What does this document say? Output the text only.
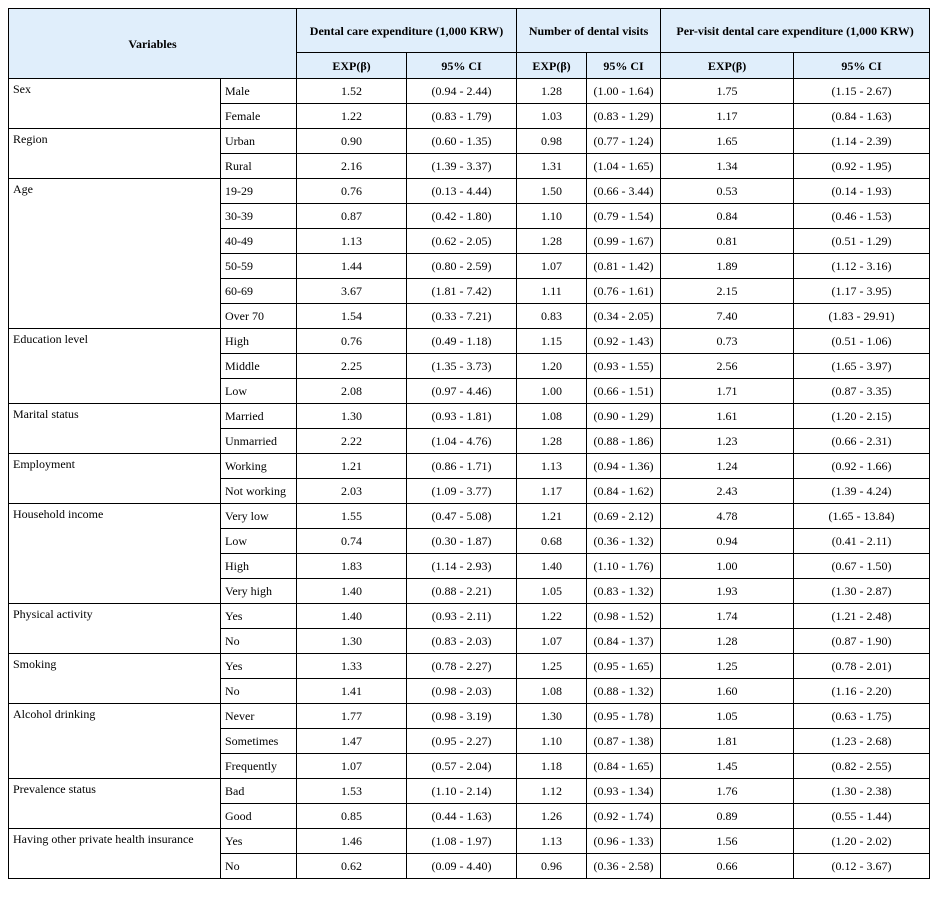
Variables		Dental care expenditure (1,000 KRW)		Number of dental visits		Per-visit dental care expenditure (1,000 KRW)	
		EXP(β)	95% CI	EXP(β)	95% CI	EXP(β)	95% CI
Sex	Male	1.52	(0.94 - 2.44)	1.28	(1.00 - 1.64)	1.75	(1.15 - 2.67)
	Female	1.22	(0.83 - 1.79)	1.03	(0.83 - 1.29)	1.17	(0.84 - 1.63)
Region	Urban	0.90	(0.60 - 1.35)	0.98	(0.77 - 1.24)	1.65	(1.14 - 2.39)
	Rural	2.16	(1.39 - 3.37)	1.31	(1.04 - 1.65)	1.34	(0.92 - 1.95)
Age	19-29	0.76	(0.13 - 4.44)	1.50	(0.66 - 3.44)	0.53	(0.14 - 1.93)
	30-39	0.87	(0.42 - 1.80)	1.10	(0.79 - 1.54)	0.84	(0.46 - 1.53)
	40-49	1.13	(0.62 - 2.05)	1.28	(0.99 - 1.67)	0.81	(0.51 - 1.29)
	50-59	1.44	(0.80 - 2.59)	1.07	(0.81 - 1.42)	1.89	(1.12 - 3.16)
	60-69	3.67	(1.81 - 7.42)	1.11	(0.76 - 1.61)	2.15	(1.17 - 3.95)
	Over 70	1.54	(0.33 - 7.21)	0.83	(0.34 - 2.05)	7.40	(1.83 - 29.91)
Education level	High	0.76	(0.49 - 1.18)	1.15	(0.92 - 1.43)	0.73	(0.51 - 1.06)
	Middle	2.25	(1.35 - 3.73)	1.20	(0.93 - 1.55)	2.56	(1.65 - 3.97)
	Low	2.08	(0.97 - 4.46)	1.00	(0.66 - 1.51)	1.71	(0.87 - 3.35)
Marital status	Married	1.30	(0.93 - 1.81)	1.08	(0.90 - 1.29)	1.61	(1.20 - 2.15)
	Unmarried	2.22	(1.04 - 4.76)	1.28	(0.88 - 1.86)	1.23	(0.66 - 2.31)
Employment	Working	1.21	(0.86 - 1.71)	1.13	(0.94 - 1.36)	1.24	(0.92 - 1.66)
	Not working	2.03	(1.09 - 3.77)	1.17	(0.84 - 1.62)	2.43	(1.39 - 4.24)
Household income	Very low	1.55	(0.47 - 5.08)	1.21	(0.69 - 2.12)	4.78	(1.65 - 13.84)
	Low	0.74	(0.30 - 1.87)	0.68	(0.36 - 1.32)	0.94	(0.41 - 2.11)
	High	1.83	(1.14 - 2.93)	1.40	(1.10 - 1.76)	1.00	(0.67 - 1.50)
	Very high	1.40	(0.88 - 2.21)	1.05	(0.83 - 1.32)	1.93	(1.30 - 2.87)
Physical activity	Yes	1.40	(0.93 - 2.11)	1.22	(0.98 - 1.52)	1.74	(1.21 - 2.48)
	No	1.30	(0.83 - 2.03)	1.07	(0.84 - 1.37)	1.28	(0.87 - 1.90)
Smoking	Yes	1.33	(0.78 - 2.27)	1.25	(0.95 - 1.65)	1.25	(0.78 - 2.01)
	No	1.41	(0.98 - 2.03)	1.08	(0.88 - 1.32)	1.60	(1.16 - 2.20)
Alcohol drinking	Never	1.77	(0.98 - 3.19)	1.30	(0.95 - 1.78)	1.05	(0.63 - 1.75)
	Sometimes	1.47	(0.95 - 2.27)	1.10	(0.87 - 1.38)	1.81	(1.23 - 2.68)
	Frequently	1.07	(0.57 - 2.04)	1.18	(0.84 - 1.65)	1.45	(0.82 - 2.55)
Prevalence status	Bad	1.53	(1.10 - 2.14)	1.12	(0.93 - 1.34)	1.76	(1.30 - 2.38)
	Good	0.85	(0.44 - 1.63)	1.26	(0.92 - 1.74)	0.89	(0.55 - 1.44)
Having other private health insurance	Yes	1.46	(1.08 - 1.97)	1.13	(0.96 - 1.33)	1.56	(1.20 - 2.02)
	No	0.62	(0.09 - 4.40)	0.96	(0.36 - 2.58)	0.66	(0.12 - 3.67)
